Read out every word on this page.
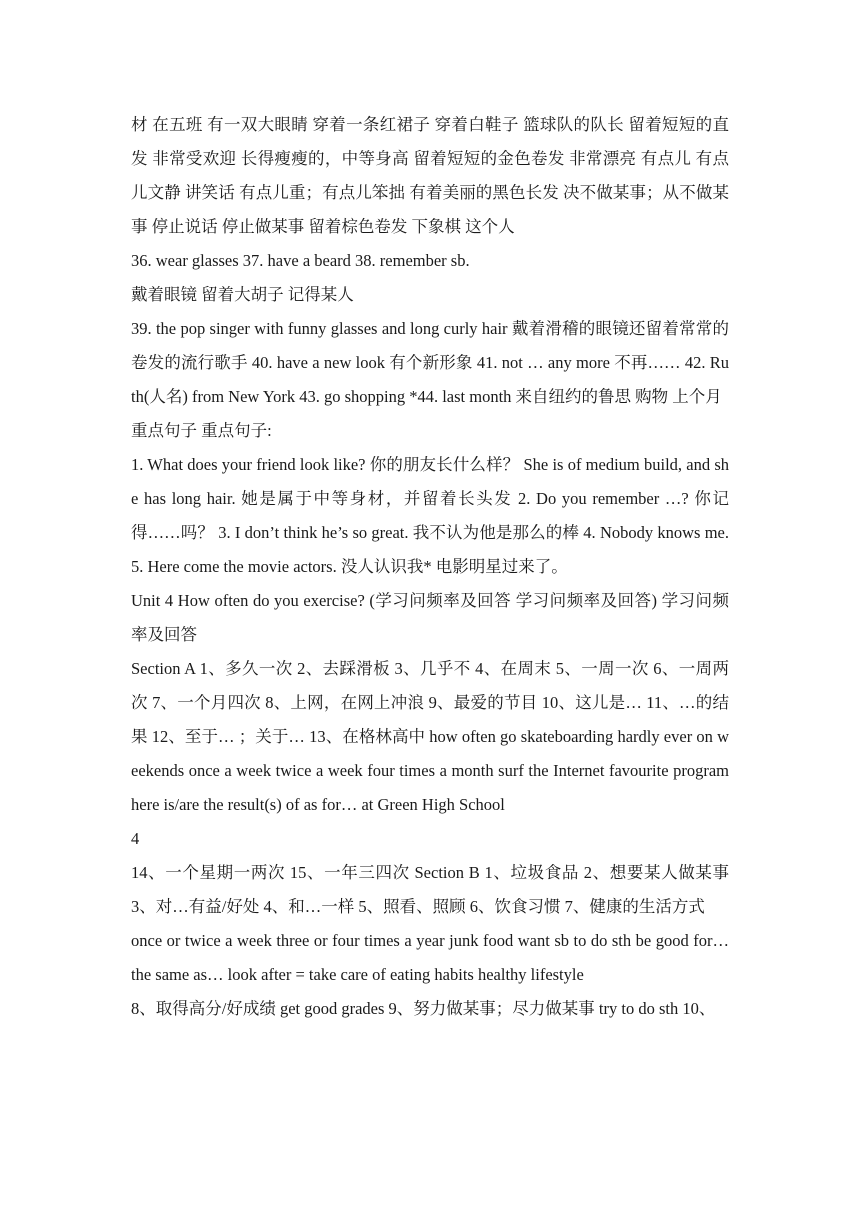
材 在五班 有一双大眼睛 穿着一条红裙子 穿着白鞋子 篮球队的队长 留着短短的直发 非常受欢迎 长得瘦瘦的，中等身高 留着短短的金色卷发 非常漂亮 有点儿 有点儿文静 讲笑话 有点儿重；有点儿笨拙 有着美丽的黑色长发 决不做某事；从不做某事 停止说话 停止做某事 留着棕色卷发 下象棋 这个人

36. wear glasses 37. have a beard 38. remember sb.

戴着眼镜 留着大胡子 记得某人

39. the pop singer with funny glasses and long curly hair 戴着滑稽的眼镜还留着常常的卷发的流行歌手 40. have a new look 有个新形象 41. not … any more 不再…… 42. Ruth(人名) from New York 43. go shopping *44. last month 来自纽约的鲁思 购物 上个月

重点句子 重点句子:

1. What does your friend look like? 你的朋友长什么样？ She is of medium build, and she has long hair. 她是属于中等身材，并留着长头发 2. Do you remember …? 你记得……吗？ 3. I don’t think he’s so great. 我不认为他是那么的棒 4. Nobody knows me. 5. Here come the movie actors. 没人认识我* 电影明星过来了。

Unit 4 How often do you exercise? (学习问频率及回答 学习问频率及回答) 学习问频率及回答

Section A 1、多久一次 2、去踩滑板 3、几乎不 4、在周末 5、一周一次 6、一周两次 7、一个月四次 8、上网，在网上冲浪 9、最爱的节目 10、这儿是… 11、…的结果 12、至于… ；关于… 13、在格林高中 how often go skateboarding hardly ever on weekends once a week twice a week four times a month surf the Internet favourite program here is/are the result(s) of as for… at Green High School

4

14、一个星期一两次 15、一年三四次 Section B 1、垃圾食品 2、想要某人做某事 3、对…有益/好处 4、和…一样 5、照看、照顾 6、饮食习惯 7、健康的生活方式

once or twice a week three or four times a year junk food want sb to do sth be good for… the same as… look after = take care of eating habits healthy lifestyle

8、取得高分/好成绩 get good grades 9、努力做某事；尽力做某事 try to do sth 10、
